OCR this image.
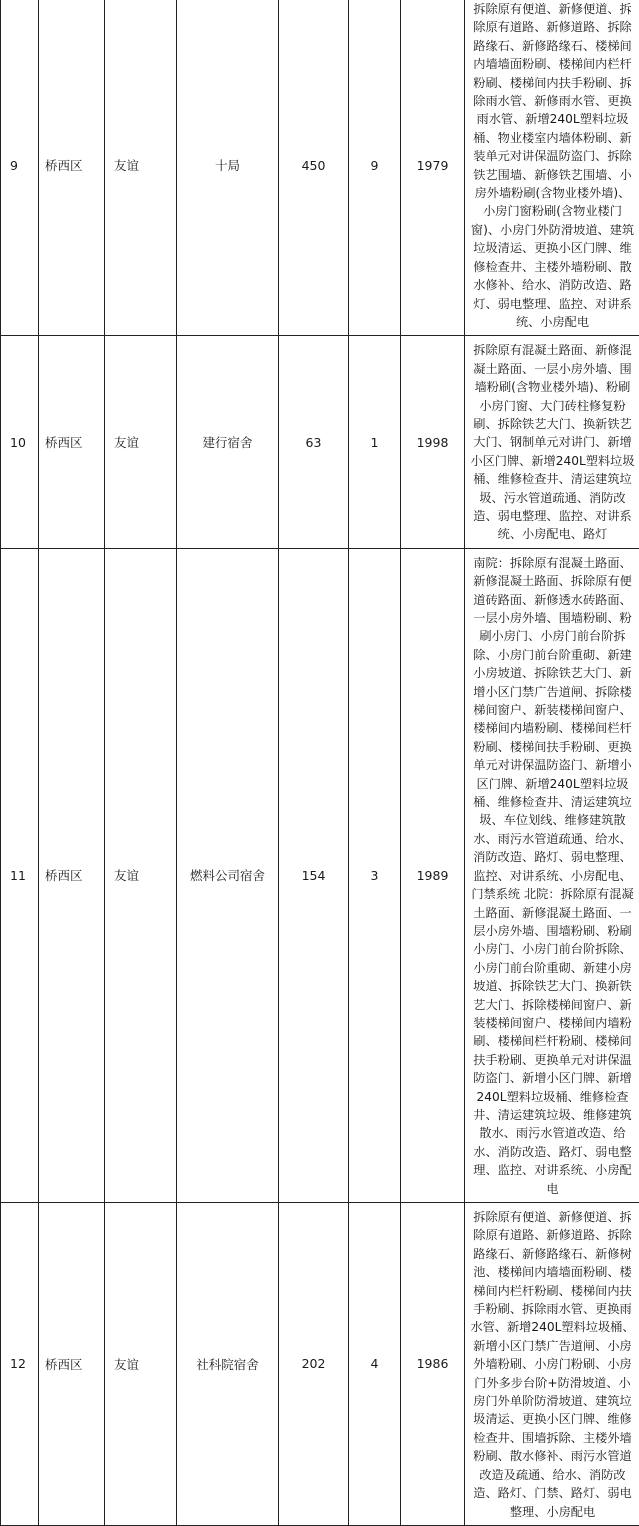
9	桥西区	友谊	十局	450	9	1979	拆除原有便道、新修便道、拆除原有道路、新修道路、拆除路缘石、新修路缘石、楼梯间内墙墙面粉刷、楼梯间内栏杆粉刷、楼梯间内扶手粉刷、拆除雨水管、新修雨水管、更换雨水管、新增240L塑料垃圾桶、物业楼室内墙体粉刷、新装单元对讲保温防盗门、拆除铁艺围墙、新修铁艺围墙、小房外墙粉刷(含物业楼外墙)、小房门窗粉刷(含物业楼门窗)、小房门外防滑坡道、建筑垃圾清运、更换小区门牌、维修检查井、主楼外墙粉刷、散水修补、给水、消防改造、路灯、弱电整理、监控、对讲系统、小房配电
10	桥西区	友谊	建行宿舍	63	1	1998	拆除原有混凝土路面、新修混凝土路面、一层小房外墙、围墙粉刷(含物业楼外墙)、粉刷小房门窗、大门砖柱修复粉刷、拆除铁艺大门、换新铁艺大门、钢制单元对讲门、新增小区门牌、新增240L塑料垃圾桶、维修检查井、清运建筑垃圾、污水管道疏通、消防改造、弱电整理、监控、对讲系统、小房配电、路灯
11	桥西区	友谊	燃料公司宿舍	154	3	1989	南院：拆除原有混凝土路面、新修混凝土路面、拆除原有便道砖路面、新修透水砖路面、一层小房外墙、围墙粉刷、粉刷小房门、小房门前台阶拆除、小房门前台阶重砌、新建小房坡道、拆除铁艺大门、新增小区门禁广告道闸、拆除楼梯间窗户、新装楼梯间窗户、楼梯间内墙粉刷、楼梯间栏杆粉刷、楼梯间扶手粉刷、更换单元对讲保温防盗门、新增小区门牌、新增240L塑料垃圾桶、维修检查井、清运建筑垃圾、车位划线、维修建筑散水、雨污水管道疏通、给水、消防改造、路灯、弱电整理、监控、对讲系统、小房配电、门禁系统 北院：拆除原有混凝土路面、新修混凝土路面、一层小房外墙、围墙粉刷、粉刷小房门、小房门前台阶拆除、小房门前台阶重砌、新建小房坡道、拆除铁艺大门、换新铁艺大门、拆除楼梯间窗户、新装楼梯间窗户、楼梯间内墙粉刷、楼梯间栏杆粉刷、楼梯间扶手粉刷、更换单元对讲保温防盗门、新增小区门牌、新增240L塑料垃圾桶、维修检查井、清运建筑垃圾、维修建筑散水、雨污水管道改造、给水、消防改造、路灯、弱电整理、监控、对讲系统、小房配电
12	桥西区	友谊	社科院宿舍	202	4	1986	拆除原有便道、新修便道、拆除原有道路、新修道路、拆除路缘石、新修路缘石、新修树池、楼梯间内墙墙面粉刷、楼梯间内栏杆粉刷、楼梯间内扶手粉刷、拆除雨水管、更换雨水管、新增240L塑料垃圾桶、新增小区门禁广告道闸、小房外墙粉刷、小房门粉刷、小房门外多步台阶+防滑坡道、小房门外单阶防滑坡道、建筑垃圾清运、更换小区门牌、维修检查井、围墙拆除、主楼外墙粉刷、散水修补、雨污水管道改造及疏通、给水、消防改造、路灯、门禁、路灯、弱电整理、小房配电
